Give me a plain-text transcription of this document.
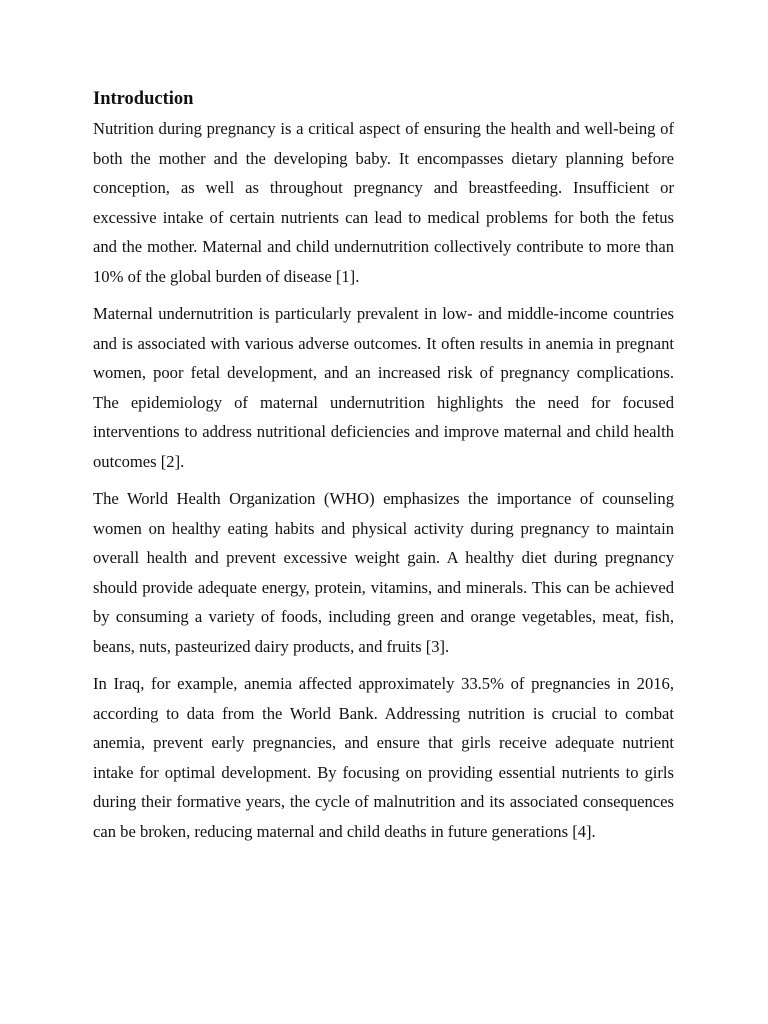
Introduction

Nutrition during pregnancy is a critical aspect of ensuring the health and well-being of both the mother and the developing baby. It encompasses dietary planning before conception, as well as throughout pregnancy and breastfeeding. Insufficient or excessive intake of certain nutrients can lead to medical problems for both the fetus and the mother. Maternal and child undernutrition collectively contribute to more than 10% of the global burden of disease [1].

Maternal undernutrition is particularly prevalent in low- and middle-income countries and is associated with various adverse outcomes. It often results in anemia in pregnant women, poor fetal development, and an increased risk of pregnancy complications. The epidemiology of maternal undernutrition highlights the need for focused interventions to address nutritional deficiencies and improve maternal and child health outcomes [2].

The World Health Organization (WHO) emphasizes the importance of counseling women on healthy eating habits and physical activity during pregnancy to maintain overall health and prevent excessive weight gain. A healthy diet during pregnancy should provide adequate energy, protein, vitamins, and minerals. This can be achieved by consuming a variety of foods, including green and orange vegetables, meat, fish, beans, nuts, pasteurized dairy products, and fruits [3].

In Iraq, for example, anemia affected approximately 33.5% of pregnancies in 2016, according to data from the World Bank. Addressing nutrition is crucial to combat anemia, prevent early pregnancies, and ensure that girls receive adequate nutrient intake for optimal development. By focusing on providing essential nutrients to girls during their formative years, the cycle of malnutrition and its associated consequences can be broken, reducing maternal and child deaths in future generations [4].
